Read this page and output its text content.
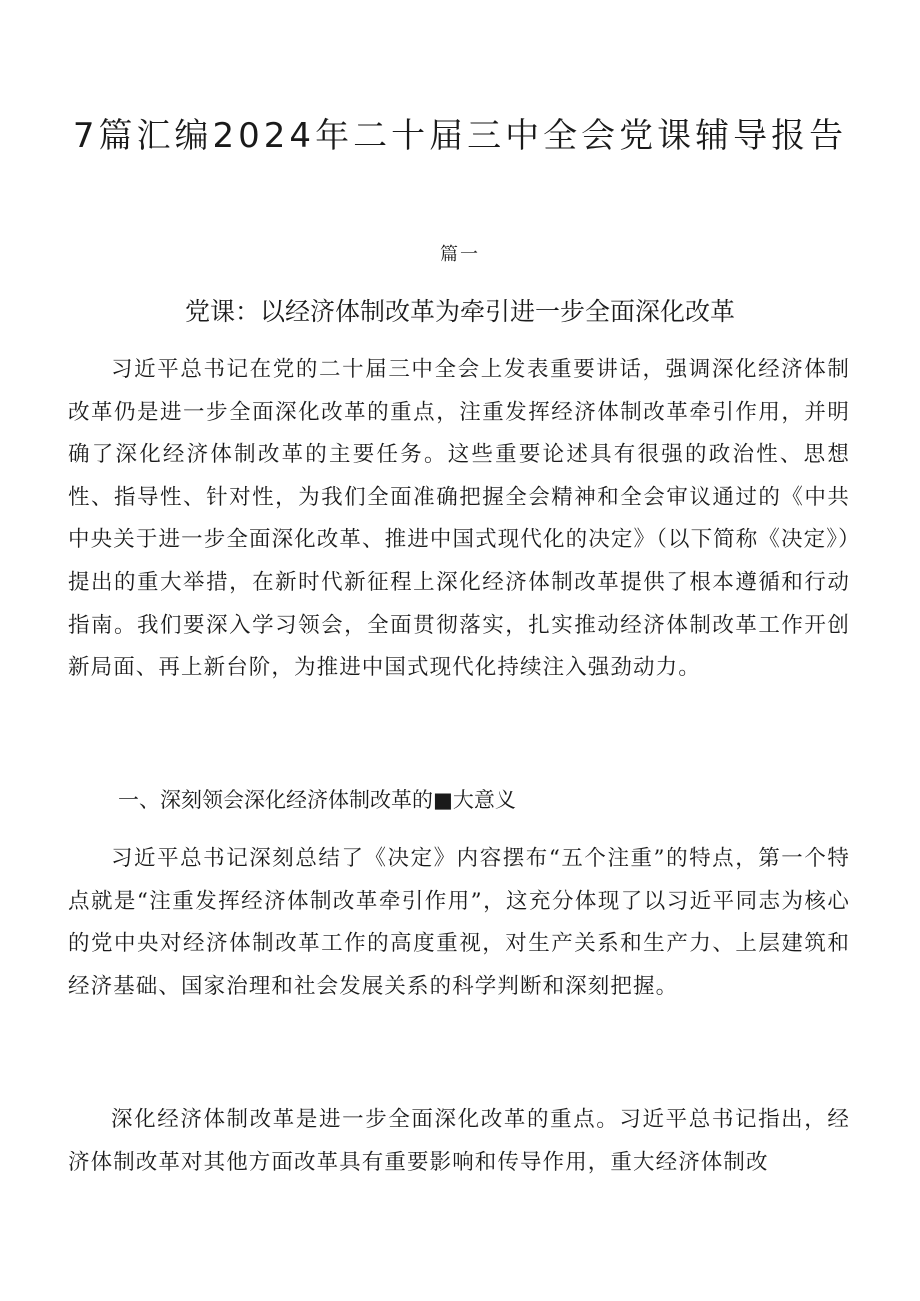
7篇汇编2024年二十届三中全会党课辅导报告
篇一
党课：以经济体制改革为牵引进一步全面深化改革

习近平总书记在党的二十届三中全会上发表重要讲话，强调深化经济体制改革仍是进一步全面深化改革的重点，注重发挥经济体制改革牵引作用，并明确了深化经济体制改革的主要任务。这些重要论述具有很强的政治性、思想性、指导性、针对性，为我们全面准确把握全会精神和全会审议通过的《中共中央关于进一步全面深化改革、推进中国式现代化的决定》（以下简称《决定》）提出的重大举措，在新时代新征程上深化经济体制改革提供了根本遵循和行动指南。我们要深入学习领会，全面贯彻落实，扎实推动经济体制改革工作开创新局面、再上新台阶，为推进中国式现代化持续注入强劲动力。

一、深刻领会深化经济体制改革的■大意义

习近平总书记深刻总结了《决定》内容摆布“五个注重”的特点，第一个特点就是“注重发挥经济体制改革牵引作用”，这充分体现了以习近平同志为核心的党中央对经济体制改革工作的高度重视，对生产关系和生产力、上层建筑和经济基础、国家治理和社会发展关系的科学判断和深刻把握。

深化经济体制改革是进一步全面深化改革的重点。习近平总书记指出，经济体制改革对其他方面改革具有重要影响和传导作用，重大经济体制改
